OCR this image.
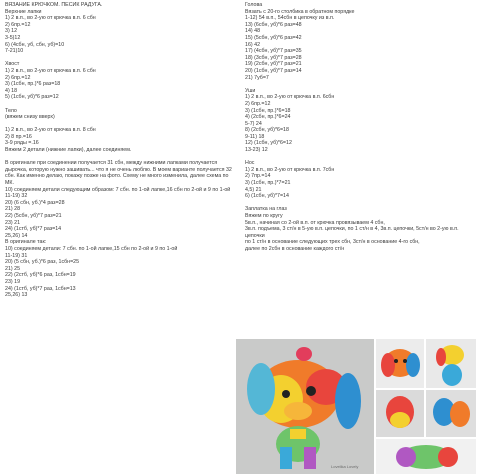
ВЯЗАНИЕ КРЮЧКОМ. ПЕСИК РАДУГА.
Верхние лапки
1) 2 в.п., во 2-ую от крючка в.п. 6 сбн
2) 6пр.=12
3) 12
3-5)12
6) (4сбн, уб, сбн, уб)=10
7-21)10
Хвост
1) 2 в.п., во 2-ую от крючка в.п. 6 сбн
2) 6пр.=12
3) (1сбн, пр.)*6 раз=18
4) 18
5) (1сбн, уб)*6 раз=12
Тело
(вяжем снизу вверх)
1) 2 в.п., во 2-ую от крючка в.п. 8 сбн
2) 8 пр.=16
3-9 ряды =.16
Вяжем 2 детали (нижние лапки), далее соединяем.
В оригинале при соединении получается 31 сбн, между нижними лапками получается дырочка, которую нужно зашивать... что я не очень люблю. В моем варианте получается 32 сбн. Как именно делаю, покажу позже на фото. Схему не много изменила, далее схема по МК.
10) соединяем детали следующим образом: 7 сбн. по 1-ой лапке,16 сбн по 2-ой и 9 по 1-ой
11-19) 32
20) (6 сбн, уб.)*4 раз=28
21) 28
22) (5сбн, уб)*7 раз=21
23) 21
24) (1стб, уб)*7 раз=14
25,26) 14
В оригинале так:
10) соединяем детали: 7 сбн. по 1-ой лапке,15 сбн по 2-ой и 9 по 1-ой
11-19) 31
20) (5 сбн, уб.)*6 раз, 1сбн=25
21) 25
22) (2стб, уб)*6 раз, 1сбн=19
23) 19
24) (1стб, уб)*7 раз, 1сбн=13
25,26) 13
Голова
Вязать с 20-го столбика в обратном порядке
1-12) 54 в.п., 54сбн в цепочку из в.п.
13) (6сбн, уб)*6 раз=48
14) 48
15) (5сбн, уб)*6 раз=42
16) 42
17) (4сбн, уб)*7 раз=35
18) (3сбн, уб)*7 раз=28
19) (2сбн, уб)*7 раз=21
20) (1сбн, уб)*7 раз=14
21) 7уб=7
Уши
1) 2 в.п., во 2-ую от крючка в.п. 6сбн
2) 6пр.=12
3) (1сбн, пр.)*6=18
4) (2сбн, пр.)*6=24
5-7) 24
8) (2сбн, уб)*6=18
9-11) 18
12) (1сбн, уб)*6=12
13-23) 12
Нос
1) 2 в.п., во 2-ую от крючка в.п. 7сбн
2) 7пр.=14
3) (1сбн, пр.)*7=21
4,5) 21
6) (1сбн, уб)*7=14
Заплатка на глаз
Вяжем по кругу
5в.п., начиная со 2-ой в.п. от крючка провязываем 4 сбн,
3в.п. подъема, 3 ст/н в 5-ую в.п. цепочки, по 1 ст/н в 4, 3в.п. цепочки, 5ст/н во 2-ую в.п.
цепочки
по 1 ст/н в основание следующих трех сбн, 3ст/н в основание 4-го сбн,
далее по 2сбн в основание каждого ст/н
Lovelika Lovely
